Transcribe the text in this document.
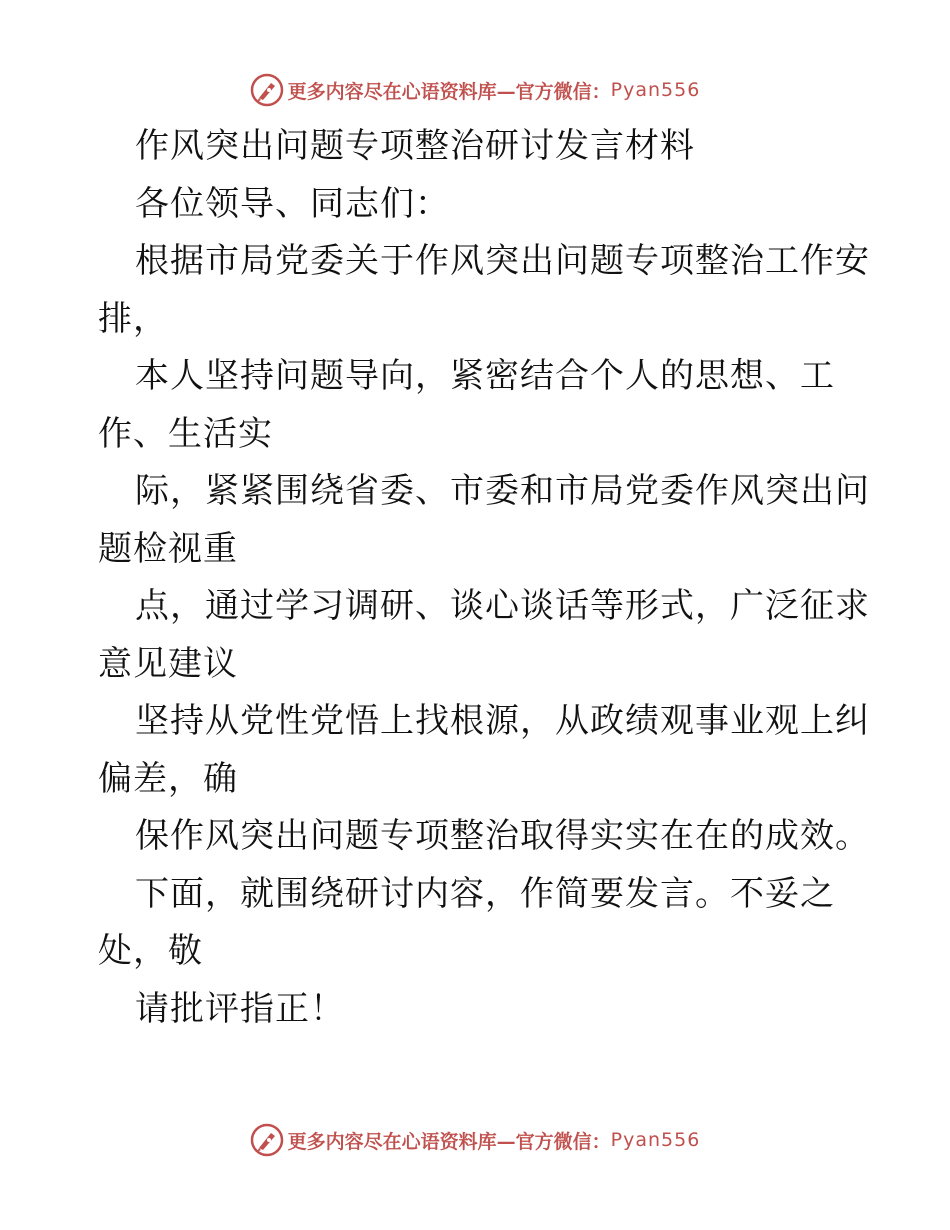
更多内容尽在心语资料库—官方微信： Pyan556
作风突出问题专项整治研讨发言材料
各位领导、同志们：
根据市局党委关于作风突出问题专项整治工作安
排，
本人坚持问题导向，紧密结合个人的思想、工
作、生活实
际，紧紧围绕省委、市委和市局党委作风突出问
题检视重
点，通过学习调研、谈心谈话等形式，广泛征求
意见建议
坚持从党性党悟上找根源，从政绩观事业观上纠
偏差，确
保作风突出问题专项整治取得实实在在的成效。
下面，就围绕研讨内容，作简要发言。不妥之
处，敬
请批评指正！
更多内容尽在心语资料库—官方微信： Pyan556
